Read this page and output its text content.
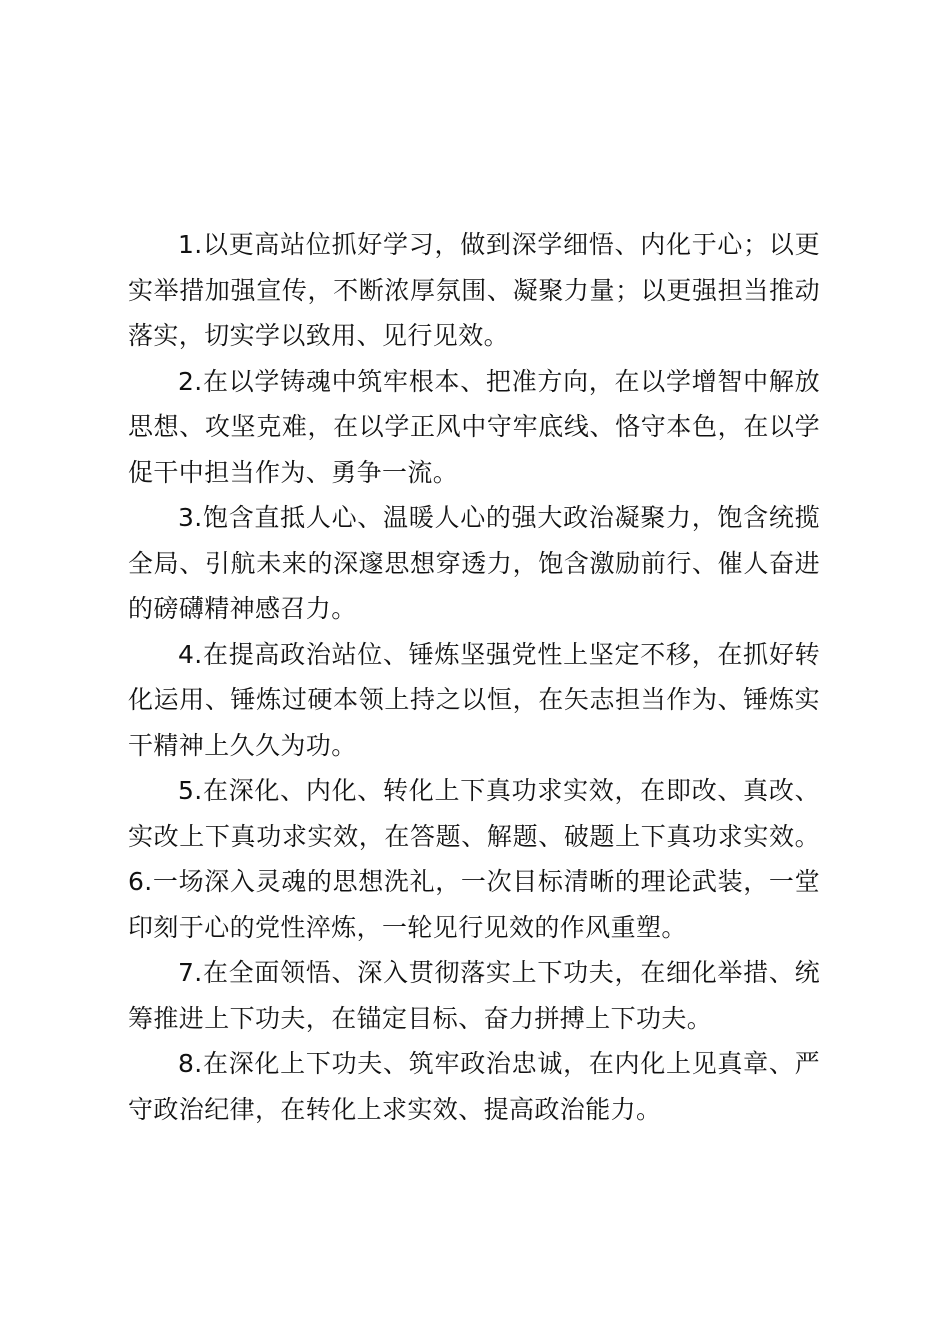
1.以更高站位抓好学习，做到深学细悟、内化于心；以更实举措加强宣传，不断浓厚氛围、凝聚力量；以更强担当推动落实，切实学以致用、见行见效。

2.在以学铸魂中筑牢根本、把准方向，在以学增智中解放思想、攻坚克难，在以学正风中守牢底线、恪守本色，在以学促干中担当作为、勇争一流。

3.饱含直抵人心、温暖人心的强大政治凝聚力，饱含统揽全局、引航未来的深邃思想穿透力，饱含激励前行、催人奋进的磅礴精神感召力。

4.在提高政治站位、锤炼坚强党性上坚定不移，在抓好转化运用、锤炼过硬本领上持之以恒，在矢志担当作为、锤炼实干精神上久久为功。

5.在深化、内化、转化上下真功求实效，在即改、真改、实改上下真功求实效，在答题、解题、破题上下真功求实效。6.一场深入灵魂的思想洗礼，一次目标清晰的理论武装，一堂印刻于心的党性淬炼，一轮见行见效的作风重塑。

7.在全面领悟、深入贯彻落实上下功夫，在细化举措、统筹推进上下功夫，在锚定目标、奋力拼搏上下功夫。

8.在深化上下功夫、筑牢政治忠诚，在内化上见真章、严守政治纪律，在转化上求实效、提高政治能力。
